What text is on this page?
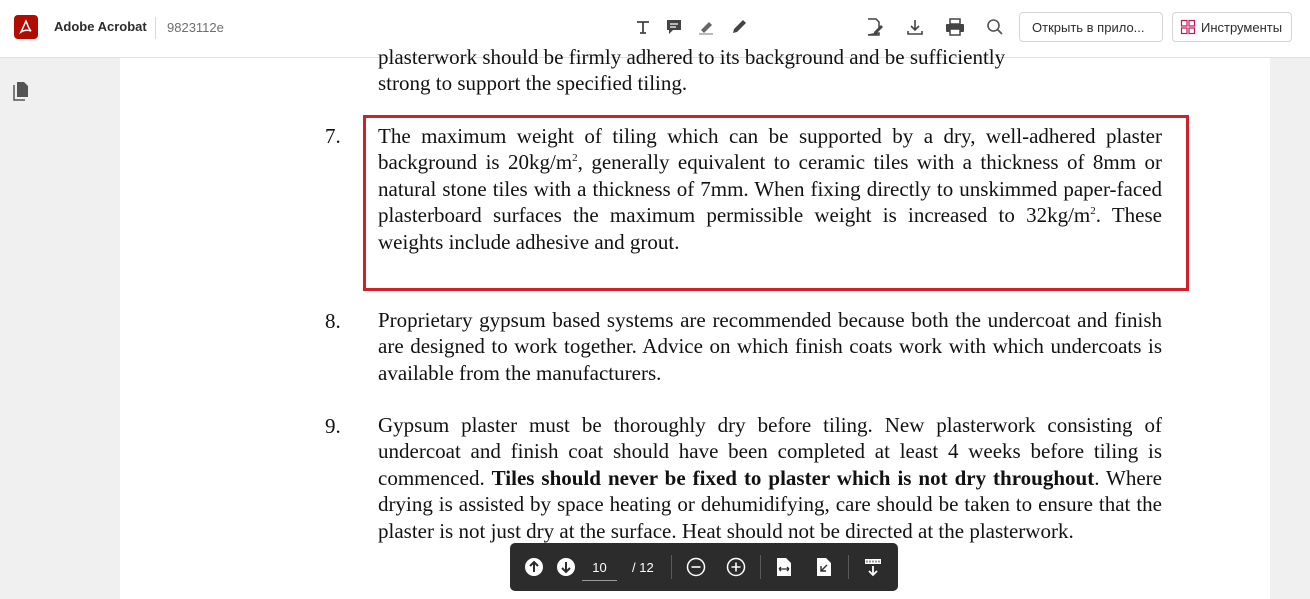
Adobe Acrobat 9823112e	Открыть в прило...	Инструменты
plasterwork should be firmly adhered to its background and be sufficiently
strong to support the specified tiling.
7. The maximum weight of tiling which can be supported by a dry, well-adhered plaster background is $20kg/m^2$, generally equivalent to ceramic tiles with a thickness of 8mm or natural stone tiles with a thickness of 7mm. When fixing directly to unskimmed paper-faced plasterboard surfaces the maximum permissible weight is increased to $32kg/m^2$. These weights include adhesive and grout.
8. Proprietary gypsum based systems are recommended because both the undercoat and finish are designed to work together. Advice on which finish coats work with which undercoats is available from the manufacturers.
9. Gypsum plaster must be thoroughly dry before tiling. New plasterwork consisting of undercoat and finish coat should have been completed at least 4 weeks before tiling is commenced. Tiles should never be fixed to plaster which is not dry throughout. Where drying is assisted by space heating or dehumidifying, care should be taken to ensure that the plaster is not just dry at the surface. Heat should not be directed at the plasterwork.
10
/ 12
